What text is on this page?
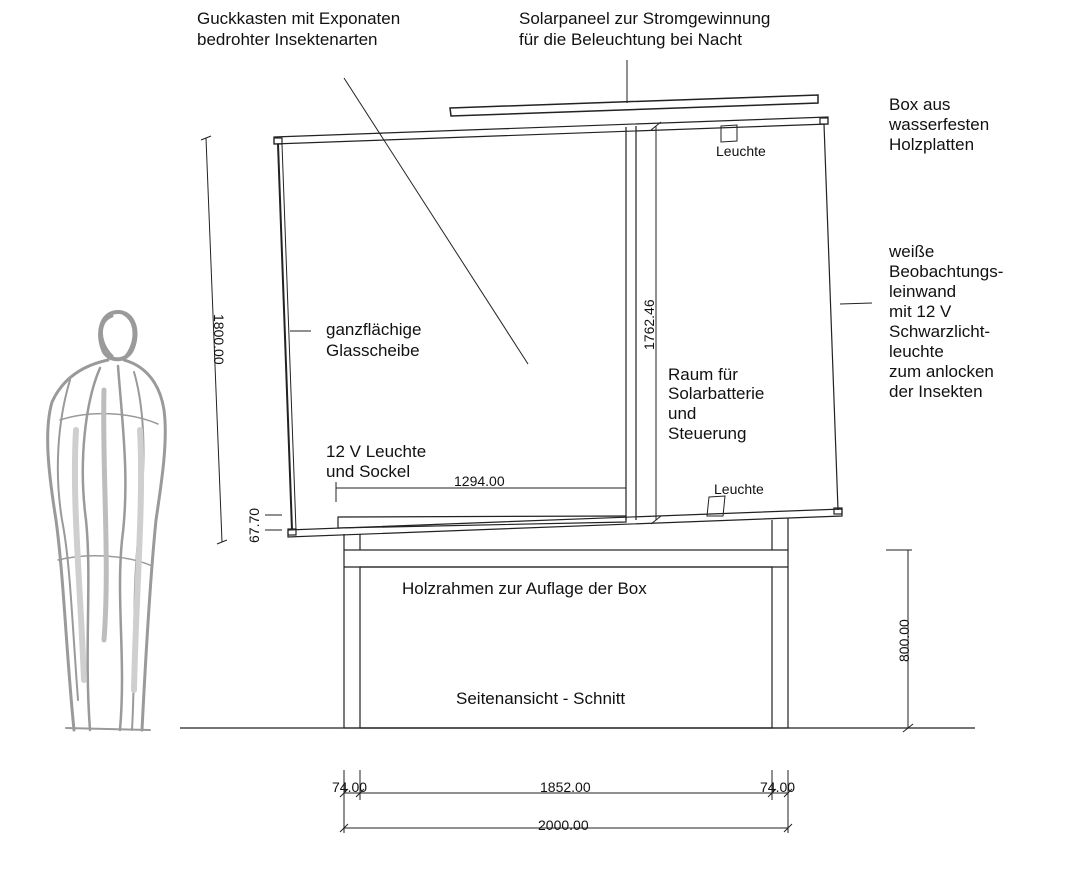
1800.00
67.70
1762.46
1294.00
800.00
74.00	1852.00	74.00
2000.00
Guckkasten mit Exponaten bedrohter Insektenarten
Solarpaneel zur Stromgewinnung für die Beleuchtung bei Nacht
Box aus wasserfesten Holzplatten
Leuchte
Leuchte
weiße Beobachtungs- leinwand mit 12 V Schwarzlicht- leuchte zum anlocken der Insekten
ganzflächige Glasscheibe
Raum für Solarbatterie und Steuerung
12 V Leuchte und Sockel
Holzrahmen zur Auflage der Box
Seitenansicht - Schnitt
